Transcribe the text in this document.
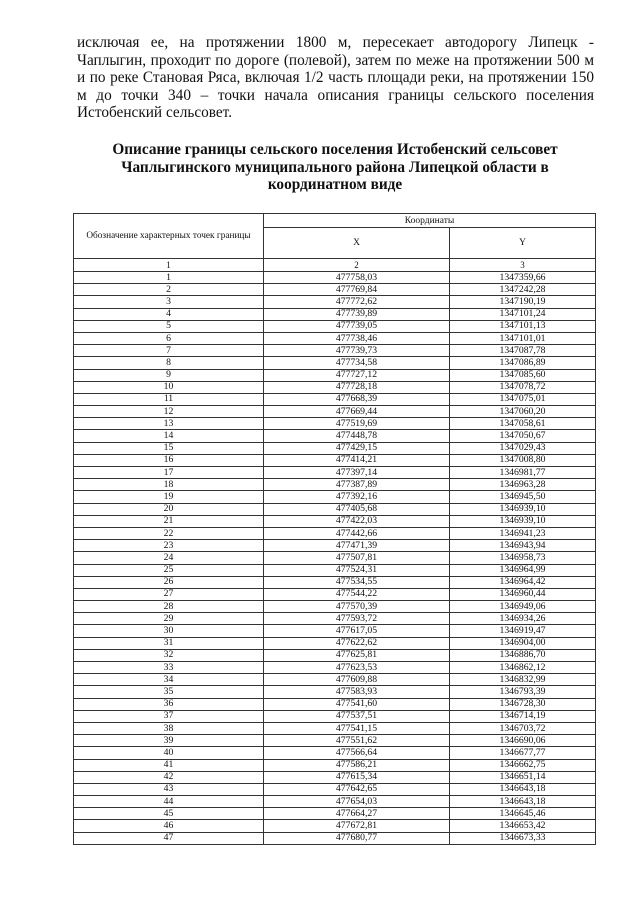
исключая ее, на протяжении 1800 м, пересекает автодорогу Липецк - Чаплыгин, проходит по дороге (полевой), затем по меже на протяжении 500 м и по реке Становая Ряса, включая 1/2 часть площади реки, на протяжении 150 м до точки 340 – точки начала описания границы сельского поселения Истобенский сельсовет.
Описание границы сельского поселения Истобенский сельсовет
Чаплыгинского муниципального района Липецкой области в
координатном виде
Обозначение характерных точек границы	Координаты	
	X	Y
1	2	3
1	477758,03	1347359,66
2	477769,84	1347242,28
3	477772,62	1347190,19
4	477739,89	1347101,24
5	477739,05	1347101,13
6	477738,46	1347101,01
7	477739,73	1347087,78
8	477734,58	1347086,89
9	477727,12	1347085,60
10	477728,18	1347078,72
11	477668,39	1347075,01
12	477669,44	1347060,20
13	477519,69	1347058,61
14	477448,78	1347050,67
15	477429,15	1347029,43
16	477414,21	1347008,80
17	477397,14	1346981,77
18	477387,89	1346963,28
19	477392,16	1346945,50
20	477405,68	1346939,10
21	477422,03	1346939,10
22	477442,66	1346941,23
23	477471,39	1346943,94
24	477507,81	1346958,73
25	477524,31	1346964,99
26	477534,55	1346964,42
27	477544,22	1346960,44
28	477570,39	1346949,06
29	477593,72	1346934,26
30	477617,05	1346919,47
31	477622,62	1346904,00
32	477625,81	1346886,70
33	477623,53	1346862,12
34	477609,88	1346832,99
35	477583,93	1346793,39
36	477541,60	1346728,30
37	477537,51	1346714,19
38	477541,15	1346703,72
39	477551,62	1346690,06
40	477566,64	1346677,77
41	477586,21	1346662,75
42	477615,34	1346651,14
43	477642,65	1346643,18
44	477654,03	1346643,18
45	477664,27	1346645,46
46	477672,81	1346653,42
47	477680,77	1346673,33
